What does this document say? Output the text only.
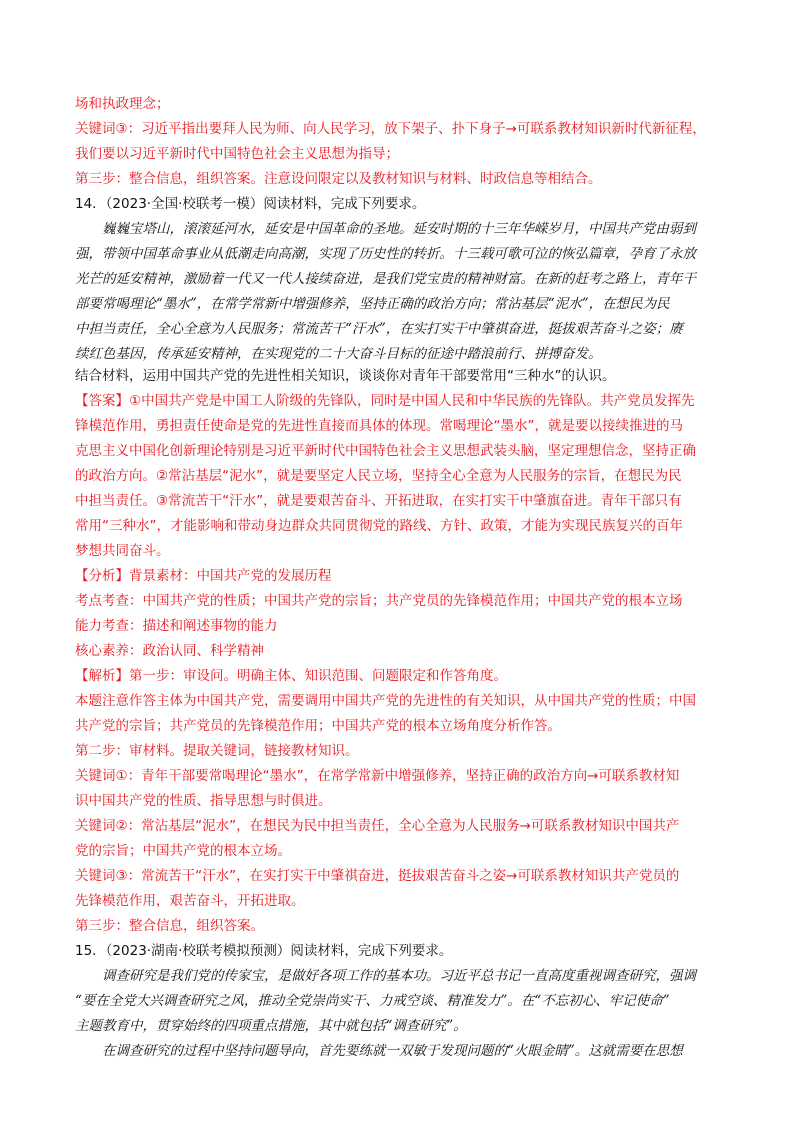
场和执政理念；
关键词③：习近平指出要拜人民为师、向人民学习，放下架子、扑下身子→可联系教材知识新时代新征程，
我们要以习近平新时代中国特色社会主义思想为指导；
第三步：整合信息，组织答案。注意设问限定以及教材知识与材料、时政信息等相结合。
14．（2023·全国·校联考一模）阅读材料，完成下列要求。
巍巍宝塔山，滚滚延河水，延安是中国革命的圣地。延安时期的十三年华嵘岁月，中国共产党由弱到
强，带领中国革命事业从低潮走向高潮，实现了历史性的转折。十三载可歌可泣的恢弘篇章，孕育了永放
光芒的延安精神，激励着一代又一代人接续奋进，是我们党宝贵的精神财富。在新的赶考之路上，青年干
部要常喝理论“墨水”，在常学常新中增强修养，坚持正确的政治方向；常沾基层“泥水”，在想民为民
中担当责任，全心全意为人民服务；常流苦干“汗水”，在实打实干中肇祺奋进，挺拔艰苦奋斗之姿；赓
续红色基因，传承延安精神，在实现党的二十大奋斗目标的征途中踏浪前行、拼搏奋发。
结合材料，运用中国共产党的先进性相关知识，谈谈你对青年干部要常用“三种水”的认识。
【答案】①中国共产党是中国工人阶级的先锋队，同时是中国人民和中华民族的先锋队。共产党员发挥先
锋模范作用，勇担责任使命是党的先进性直接而具体的体现。常喝理论“墨水”，就是要以接续推进的马
克思主义中国化创新理论特别是习近平新时代中国特色社会主义思想武装头脑，坚定理想信念，坚持正确
的政治方向。②常沾基层“泥水”，就是要坚定人民立场，坚持全心全意为人民服务的宗旨，在想民为民
中担当责任。③常流苦干“汗水”，就是要艰苦奋斗、开拓进取，在实打实干中肇旗奋进。青年干部只有
常用“三种水”，才能影响和带动身边群众共同贯彻党的路线、方针、政策，才能为实现民族复兴的百年
梦想共同奋斗。
【分析】背景素材：中国共产党的发展历程
考点考查：中国共产党的性质；中国共产党的宗旨；共产党员的先锋模范作用；中国共产党的根本立场
能力考查：描述和阐述事物的能力
核心素养：政治认同、科学精神
【解析】第一步：审设问。明确主体、知识范围、问题限定和作答角度。
本题注意作答主体为中国共产党，需要调用中国共产党的先进性的有关知识，从中国共产党的性质；中国
共产党的宗旨；共产党员的先锋模范作用；中国共产党的根本立场角度分析作答。
第二步：审材料。提取关键词，链接教材知识。
关键词①：青年干部要常喝理论“墨水”，在常学常新中增强修养，坚持正确的政治方向→可联系教材知
识中国共产党的性质、指导思想与时俱进。
关键词②：常沾基层“泥水”，在想民为民中担当责任，全心全意为人民服务→可联系教材知识中国共产
党的宗旨；中国共产党的根本立场。
关键词③：常流苦干“汗水”，在实打实干中肇祺奋进，挺拔艰苦奋斗之姿→可联系教材知识共产党员的
先锋模范作用，艰苦奋斗，开拓进取。
第三步：整合信息，组织答案。
15．（2023·湖南·校联考模拟预测）阅读材料，完成下列要求。
调查研究是我们党的传家宝，是做好各项工作的基本功。习近平总书记一直高度重视调查研究，强调
“要在全党大兴调查研究之风，推动全党崇尚实干、力戒空谈、精准发力”。在“不忘初心、牢记使命”
主题教育中，贯穿始终的四项重点措施，其中就包括“调查研究”。
在调查研究的过程中坚持问题导向，首先要练就一双敏于发现问题的“火眼金睛”。这就需要在思想
